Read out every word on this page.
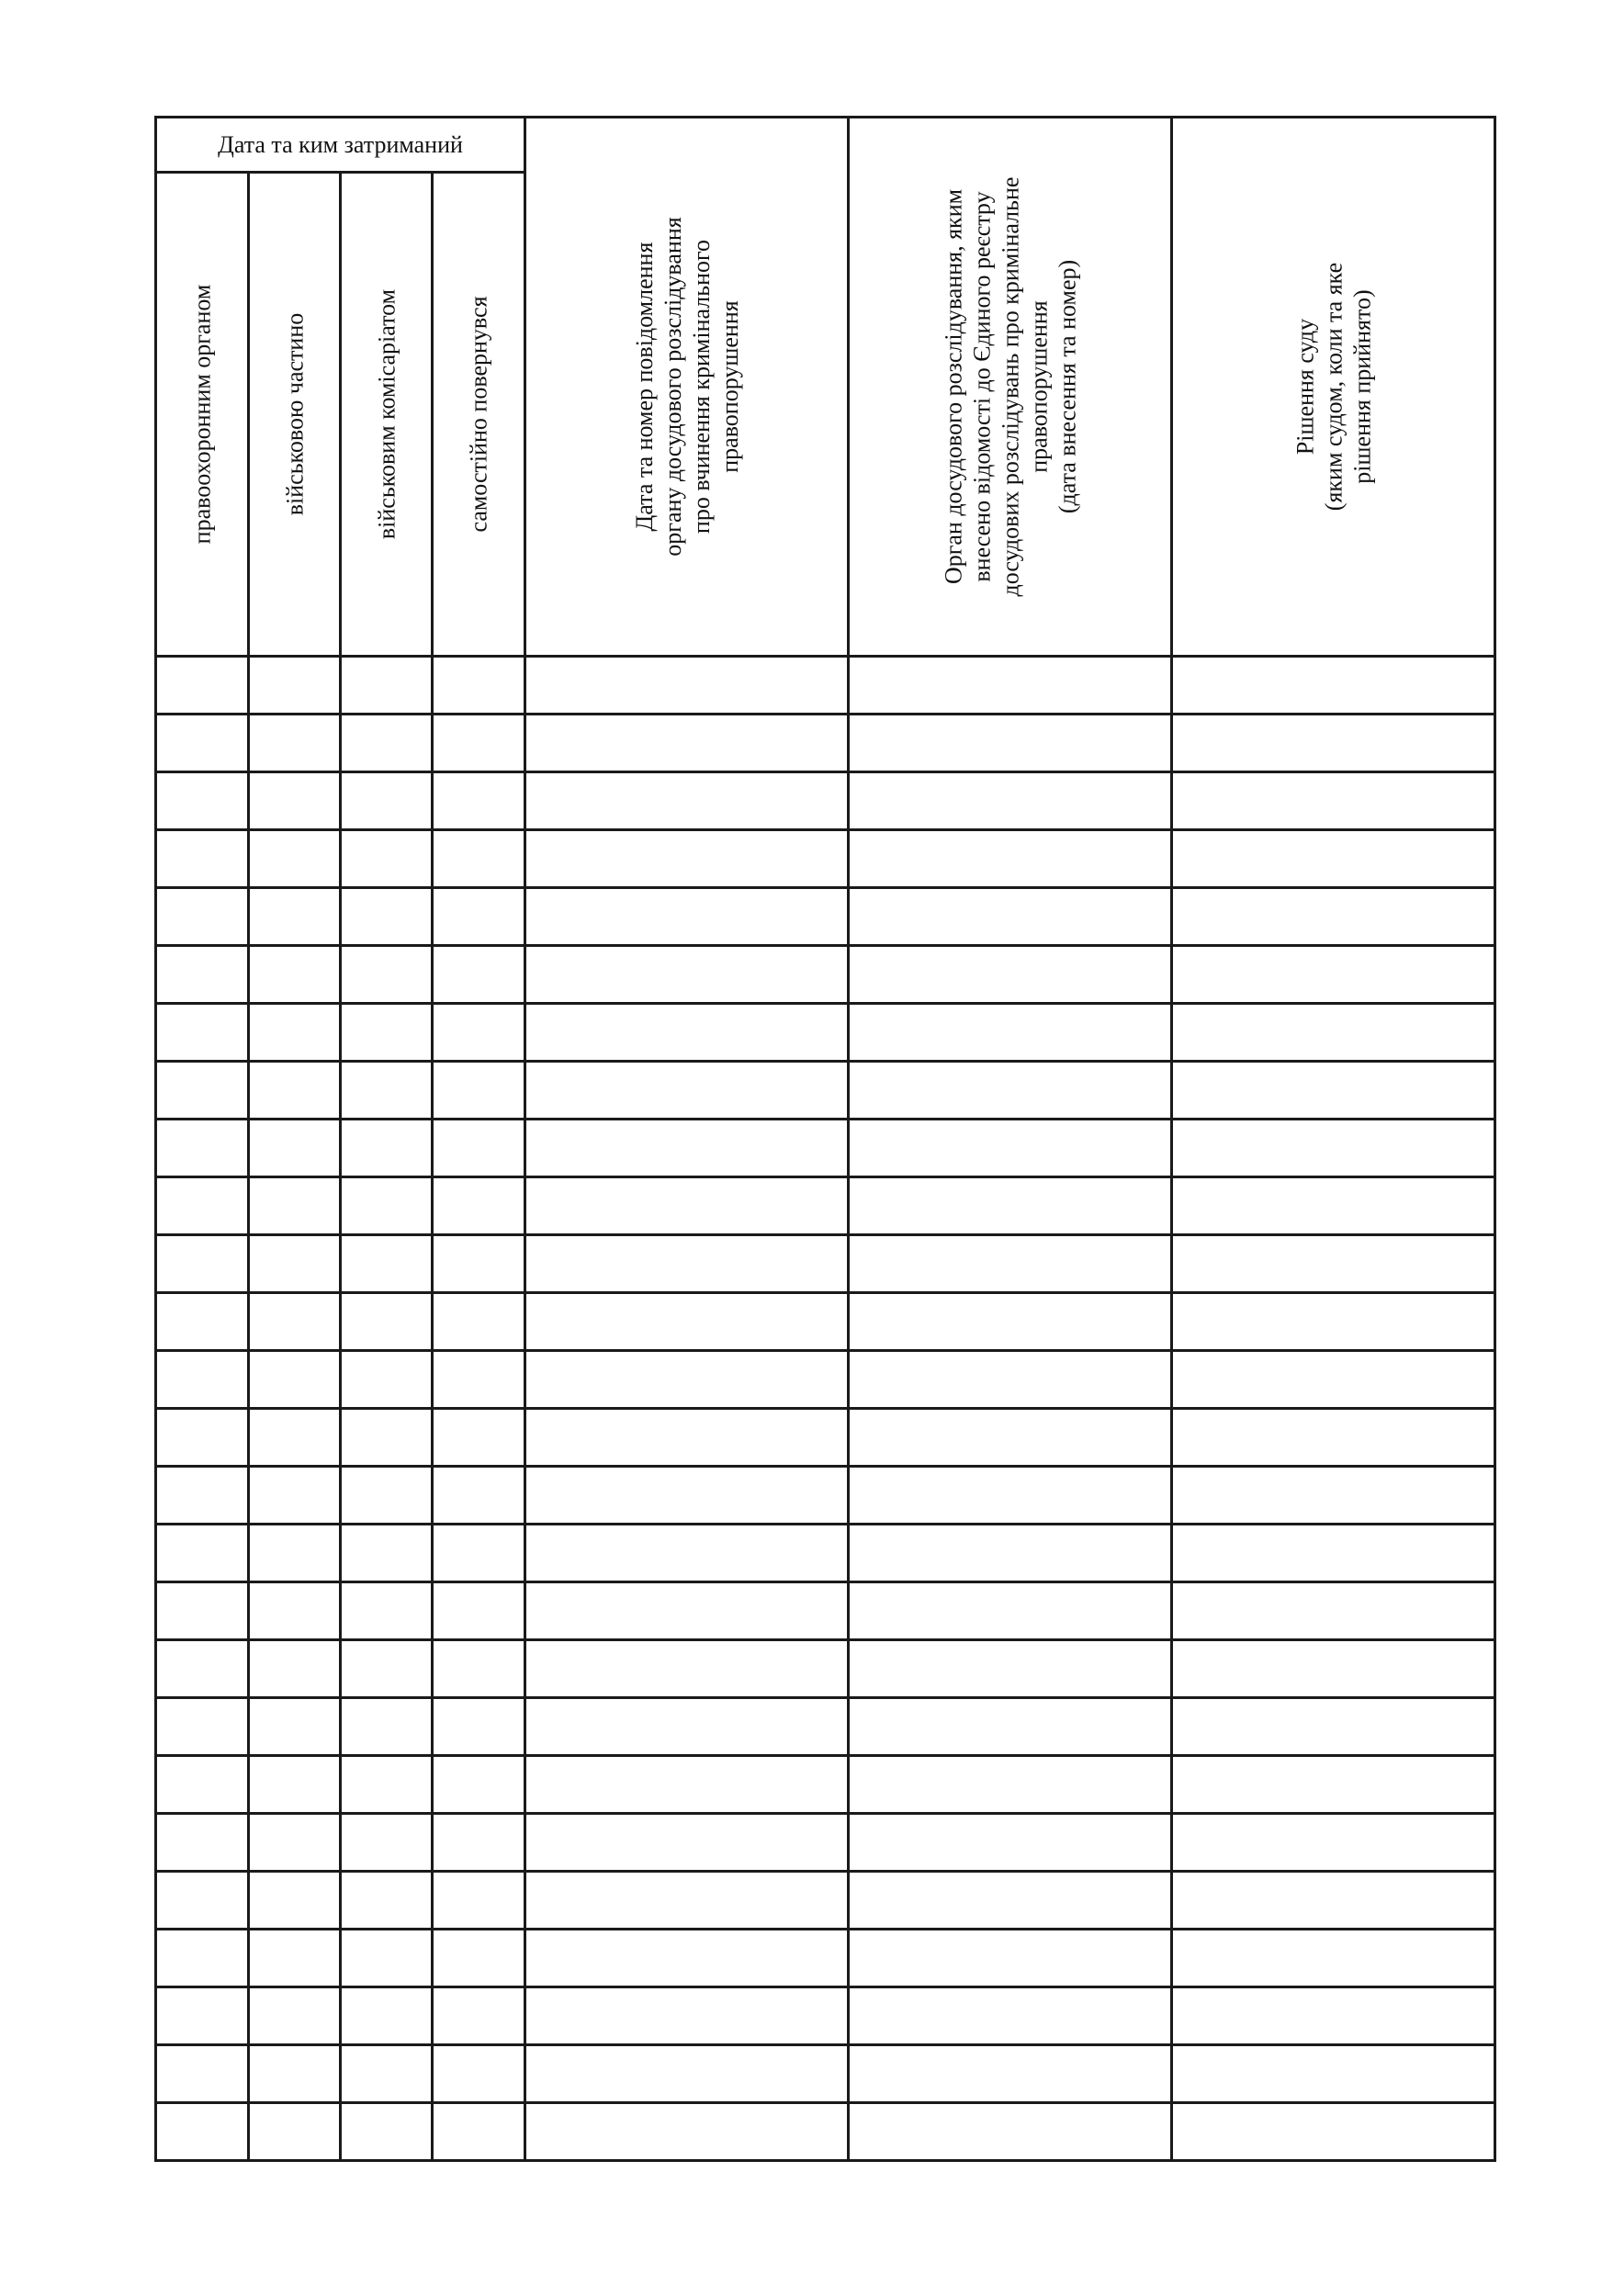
Дата та ким затриманий				Дата та номер повідомлення органу досудового розслідування про вчинення кримінального правопорушення	Орган досудового розслідування, яким внесено відомості до Єдиного реєстру досудових розслідувань про кримінальне правопорушення (дата внесення та номер)	Рішення суду (яким судом, коли та яке рішення прийнято)

правоохоронним органом	військовою частино	військовим комісаріатом	самостійно повернувся			
